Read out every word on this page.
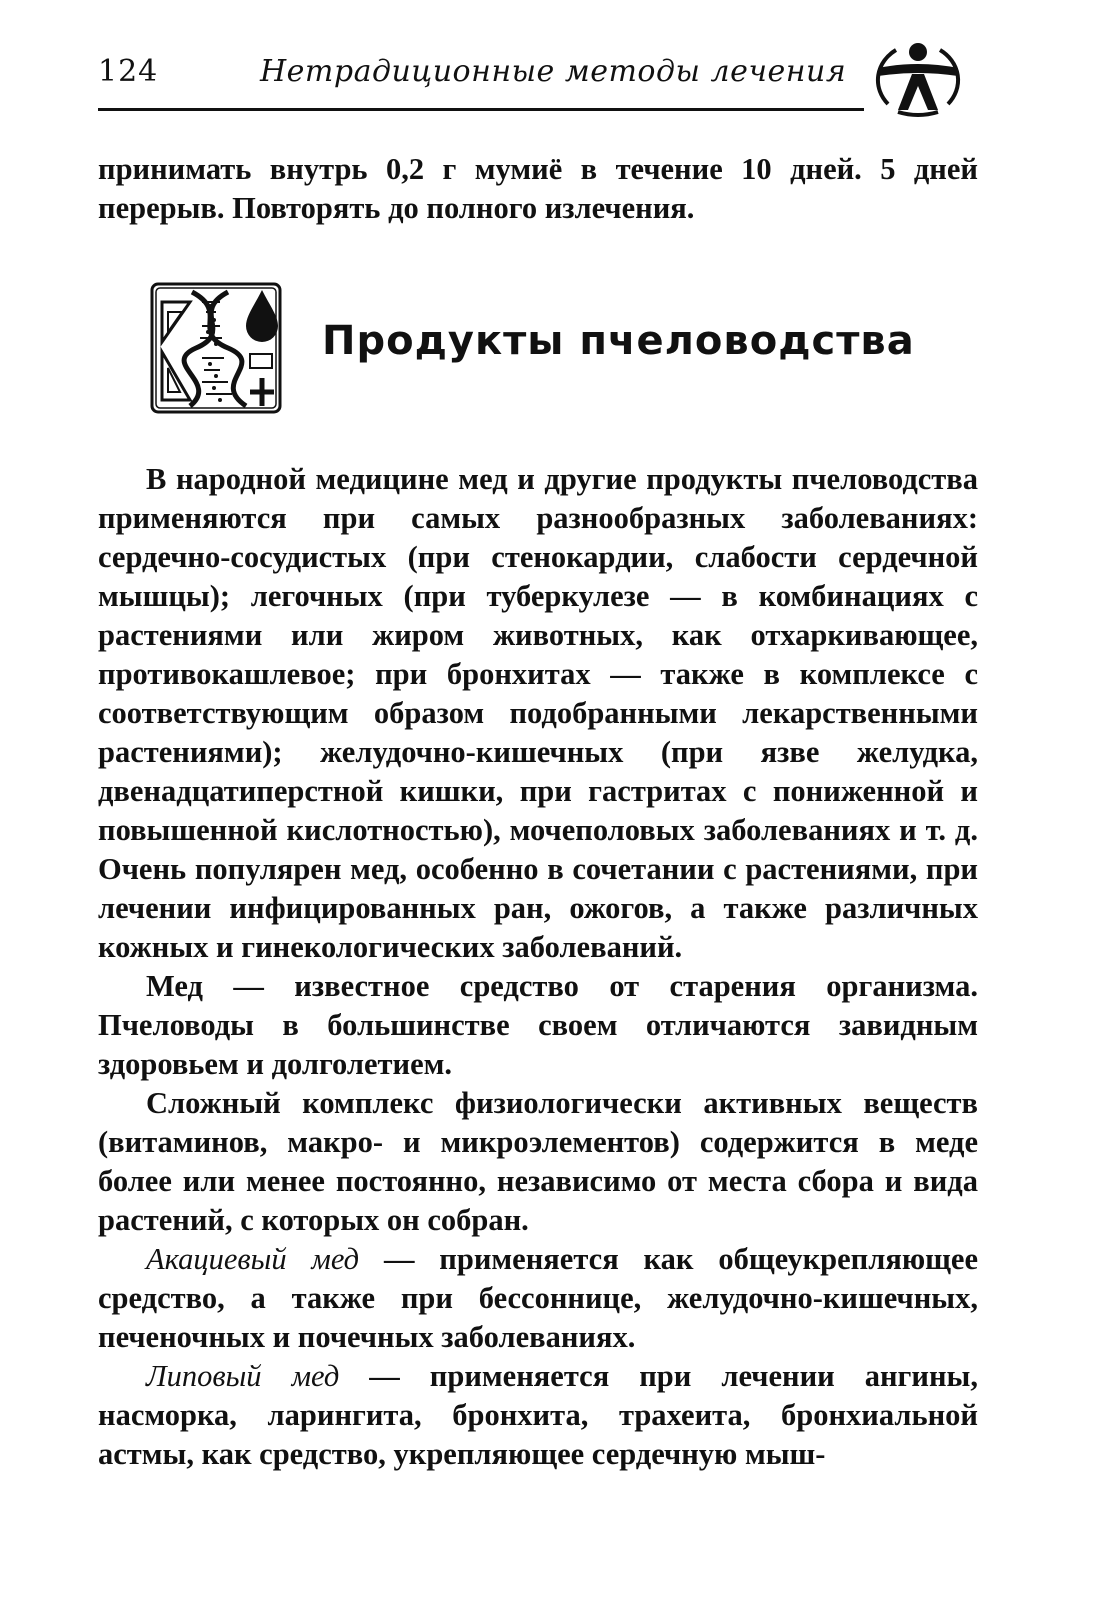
124	Нетрадиционные методы лечения

принимать внутрь 0,2 г мумиё в течение 10 дней. 5 дней перерыв. Повторять до полного излечения.

Продукты пчеловодства

В народной медицине мед и другие продукты пчеловодства применяются при самых разнообразных заболеваниях: сердечно-сосудистых (при стенокардии, слабости сердечной мышцы); легочных (при туберкулезе — в комбинациях с растениями или жиром животных, как отхаркивающее, противокашлевое; при бронхитах — также в комплексе с соответствующим образом подобранными лекарственными растениями); желудочно-кишечных (при язве желудка, двенадцатиперстной кишки, при гастритах с пониженной и повышенной кислотностью), мочеполовых заболеваниях и т. д. Очень популярен мед, особенно в сочетании с растениями, при лечении инфицированных ран, ожогов, а также различных кожных и гинекологических заболеваний.

Мед — известное средство от старения организма. Пчеловоды в большинстве своем отличаются завидным здоровьем и долголетием.

Сложный комплекс физиологически активных веществ (витаминов, макро- и микроэлементов) содержится в меде более или менее постоянно, независимо от места сбора и вида растений, с которых он собран.

Акациевый мед — применяется как общеукрепляющее средство, а также при бессоннице, желудочно-кишечных, печеночных и почечных заболеваниях.

Липовый мед — применяется при лечении ангины, насморка, ларингита, бронхита, трахеита, бронхиальной астмы, как средство, укрепляющее сердечную мыш-
